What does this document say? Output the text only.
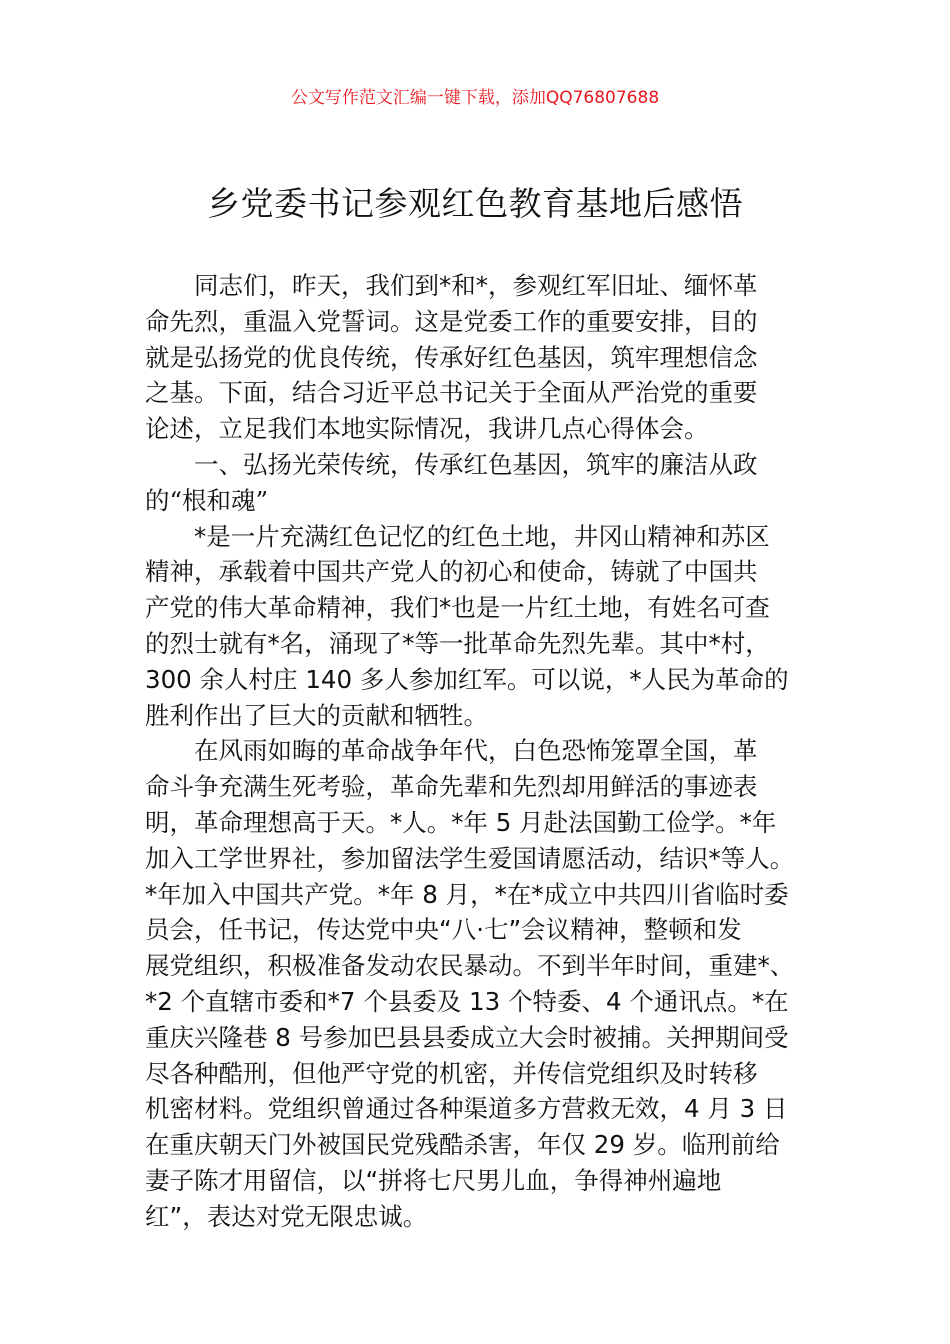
公文写作范文汇编一键下载，添加QQ76807688
乡党委书记参观红色教育基地后感悟
同志们，昨天，我们到*和*，参观红军旧址、缅怀革
命先烈，重温入党誓词。这是党委工作的重要安排，目的
就是弘扬党的优良传统，传承好红色基因，筑牢理想信念
之基。下面，结合习近平总书记关于全面从严治党的重要
论述，立足我们本地实际情况，我讲几点心得体会。
一、弘扬光荣传统，传承红色基因，筑牢的廉洁从政
的“根和魂”
*是一片充满红色记忆的红色土地，井冈山精神和苏区
精神，承载着中国共产党人的初心和使命，铸就了中国共
产党的伟大革命精神，我们*也是一片红土地，有姓名可查
的烈士就有*名，涌现了*等一批革命先烈先辈。其中*村，
300 余人村庄 140 多人参加红军。可以说，*人民为革命的
胜利作出了巨大的贡献和牺牲。
在风雨如晦的革命战争年代，白色恐怖笼罩全国，革
命斗争充满生死考验，革命先辈和先烈却用鲜活的事迹表
明，革命理想高于天。*人。*年 5 月赴法国勤工俭学。*年
加入工学世界社，参加留法学生爱国请愿活动，结识*等人。
*年加入中国共产党。*年 8 月，*在*成立中共四川省临时委
员会，任书记，传达党中央“八·七”会议精神，整顿和发
展党组织，积极准备发动农民暴动。不到半年时间，重建*、
*2 个直辖市委和*7 个县委及 13 个特委、4 个通讯点。*在
重庆兴隆巷 8 号参加巴县县委成立大会时被捕。关押期间受
尽各种酷刑，但他严守党的机密，并传信党组织及时转移
机密材料。党组织曾通过各种渠道多方营救无效，4 月 3 日
在重庆朝天门外被国民党残酷杀害，年仅 29 岁。临刑前给
妻子陈才用留信，以“拼将七尺男儿血，争得神州遍地
红”，表达对党无限忠诚。
